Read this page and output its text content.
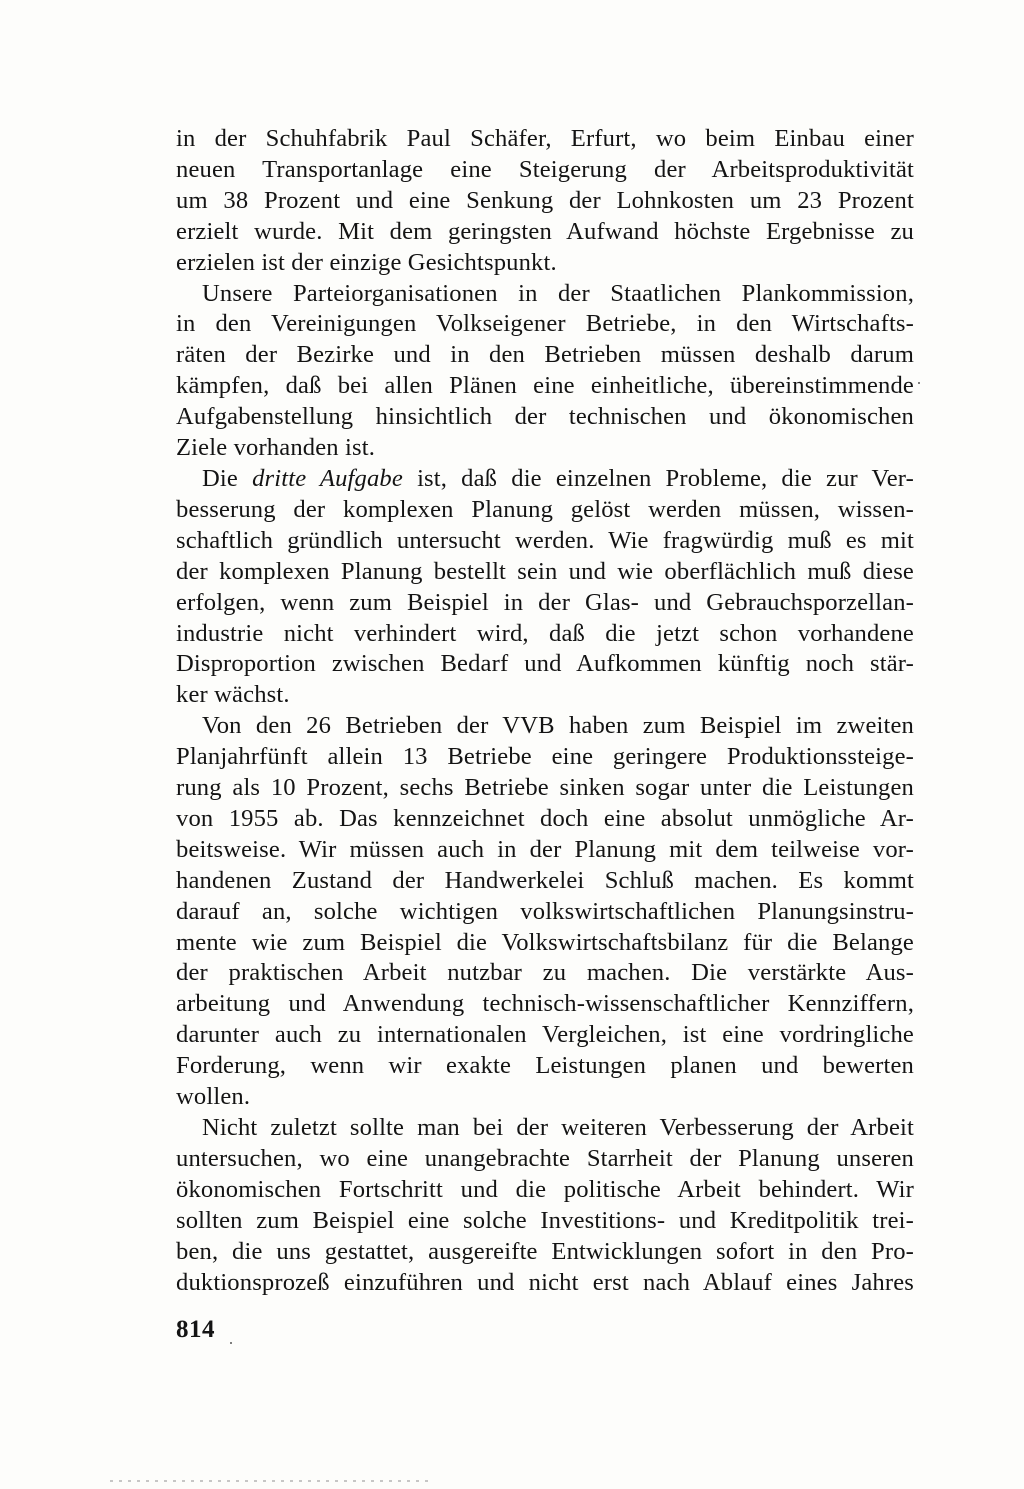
in der Schuhfabrik Paul Schäfer, Erfurt, wo beim Einbau einer
neuen Transportanlage eine Steigerung der Arbeitsproduktivität
um 38 Prozent und eine Senkung der Lohnkosten um 23 Prozent
erzielt wurde. Mit dem geringsten Aufwand höchste Ergebnisse zu
erzielen ist der einzige Gesichtspunkt.

Unsere Parteiorganisationen in der Staatlichen Plankommission,
in den Vereinigungen Volkseigener Betriebe, in den Wirtschafts-
räten der Bezirke und in den Betrieben müssen deshalb darum
kämpfen, daß bei allen Plänen eine einheitliche, übereinstimmende
Aufgabenstellung hinsichtlich der technischen und ökonomischen
Ziele vorhanden ist.

Die dritte Aufgabe ist, daß die einzelnen Probleme, die zur Ver-
besserung der komplexen Planung gelöst werden müssen, wissen-
schaftlich gründlich untersucht werden. Wie fragwürdig muß es mit
der komplexen Planung bestellt sein und wie oberflächlich muß diese
erfolgen, wenn zum Beispiel in der Glas- und Gebrauchsporzellan-
industrie nicht verhindert wird, daß die jetzt schon vorhandene
Disproportion zwischen Bedarf und Aufkommen künftig noch stär-
ker wächst.

Von den 26 Betrieben der VVB haben zum Beispiel im zweiten
Planjahrfünft allein 13 Betriebe eine geringere Produktionssteige-
rung als 10 Prozent, sechs Betriebe sinken sogar unter die Leistungen
von 1955 ab. Das kennzeichnet doch eine absolut unmögliche Ar-
beitsweise. Wir müssen auch in der Planung mit dem teilweise vor-
handenen Zustand der Handwerkelei Schluß machen. Es kommt
darauf an, solche wichtigen volkswirtschaftlichen Planungsinstru-
mente wie zum Beispiel die Volkswirtschaftsbilanz für die Belange
der praktischen Arbeit nutzbar zu machen. Die verstärkte Aus-
arbeitung und Anwendung technisch-wissenschaftlicher Kennziffern,
darunter auch zu internationalen Vergleichen, ist eine vordringliche
Forderung, wenn wir exakte Leistungen planen und bewerten
wollen.

Nicht zuletzt sollte man bei der weiteren Verbesserung der Arbeit
untersuchen, wo eine unangebrachte Starrheit der Planung unseren
ökonomischen Fortschritt und die politische Arbeit behindert. Wir
sollten zum Beispiel eine solche Investitions- und Kreditpolitik trei-
ben, die uns gestattet, ausgereifte Entwicklungen sofort in den Pro-
duktionsprozeß einzuführen und nicht erst nach Ablauf eines Jahres

814
